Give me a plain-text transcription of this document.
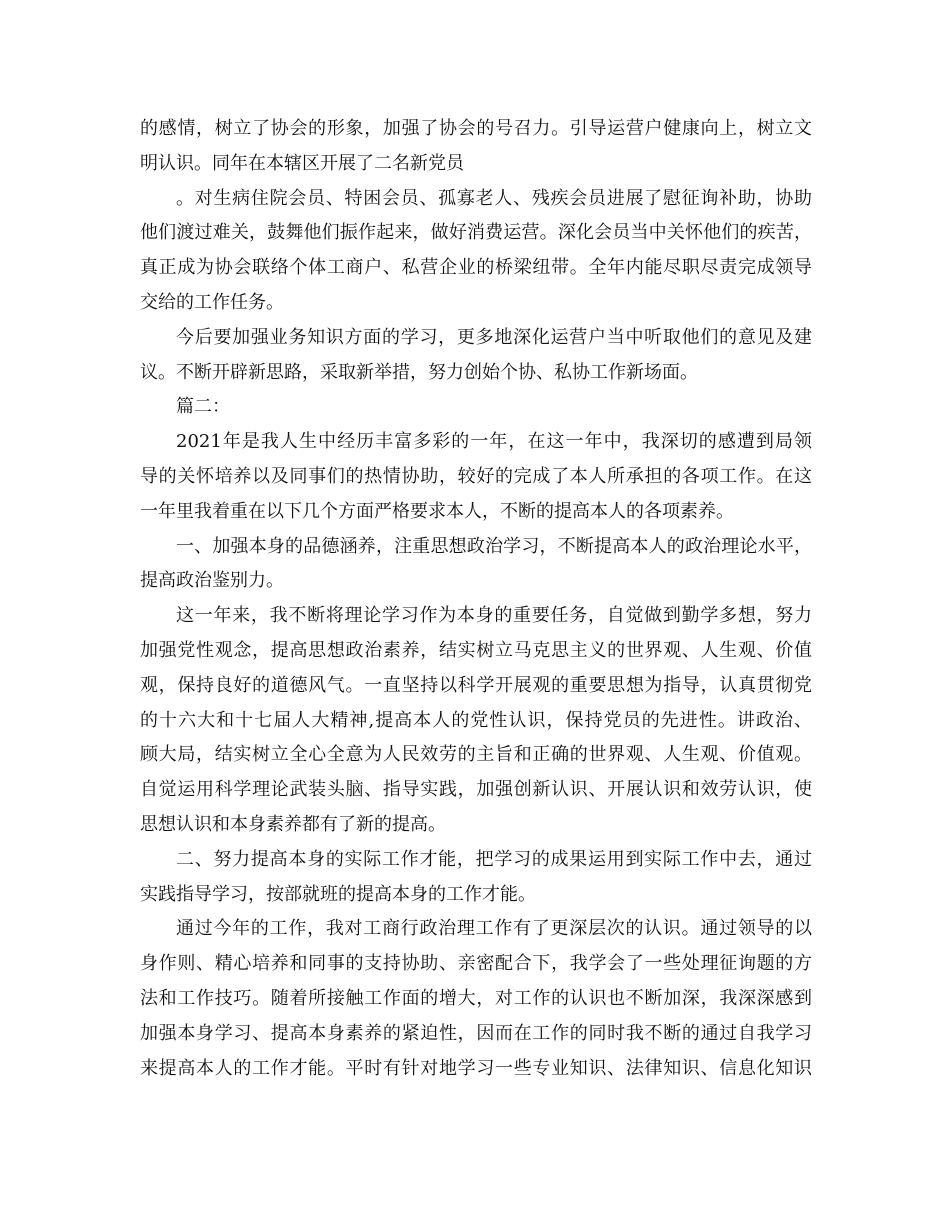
的感情，树立了协会的形象，加强了协会的号召力。引导运营户健康向上，树立文
明认识。同年在本辖区开展了二名新党员
。对生病住院会员、特困会员、孤寡老人、残疾会员进展了慰征询补助，协助
他们渡过难关，鼓舞他们振作起来，做好消费运营。深化会员当中关怀他们的疾苦，
真正成为协会联络个体工商户、私营企业的桥梁纽带。全年内能尽职尽责完成领导
交给的工作任务。
今后要加强业务知识方面的学习，更多地深化运营户当中听取他们的意见及建
议。不断开辟新思路，采取新举措，努力创始个协、私协工作新场面。
篇二：
2021年是我人生中经历丰富多彩的一年，在这一年中，我深切的感遭到局领
导的关怀培养以及同事们的热情协助，较好的完成了本人所承担的各项工作。在这
一年里我着重在以下几个方面严格要求本人，不断的提高本人的各项素养。
一、加强本身的品德涵养，注重思想政治学习，不断提高本人的政治理论水平，
提高政治鉴别力。
这一年来，我不断将理论学习作为本身的重要任务，自觉做到勤学多想，努力
加强党性观念，提高思想政治素养，结实树立马克思主义的世界观、人生观、价值
观，保持良好的道德风气。一直坚持以科学开展观的重要思想为指导，认真贯彻党
的十六大和十七届人大精神,提高本人的党性认识，保持党员的先进性。讲政治、
顾大局，结实树立全心全意为人民效劳的主旨和正确的世界观、人生观、价值观。
自觉运用科学理论武装头脑、指导实践，加强创新认识、开展认识和效劳认识，使
思想认识和本身素养都有了新的提高。
二、努力提高本身的实际工作才能，把学习的成果运用到实际工作中去，通过
实践指导学习，按部就班的提高本身的工作才能。
通过今年的工作，我对工商行政治理工作有了更深层次的认识。通过领导的以
身作则、精心培养和同事的支持协助、亲密配合下，我学会了一些处理征询题的方
法和工作技巧。随着所接触工作面的增大，对工作的认识也不断加深，我深深感到
加强本身学习、提高本身素养的紧迫性，因而在工作的同时我不断的通过自我学习
来提高本人的工作才能。平时有针对地学习一些专业知识、法律知识、信息化知识
